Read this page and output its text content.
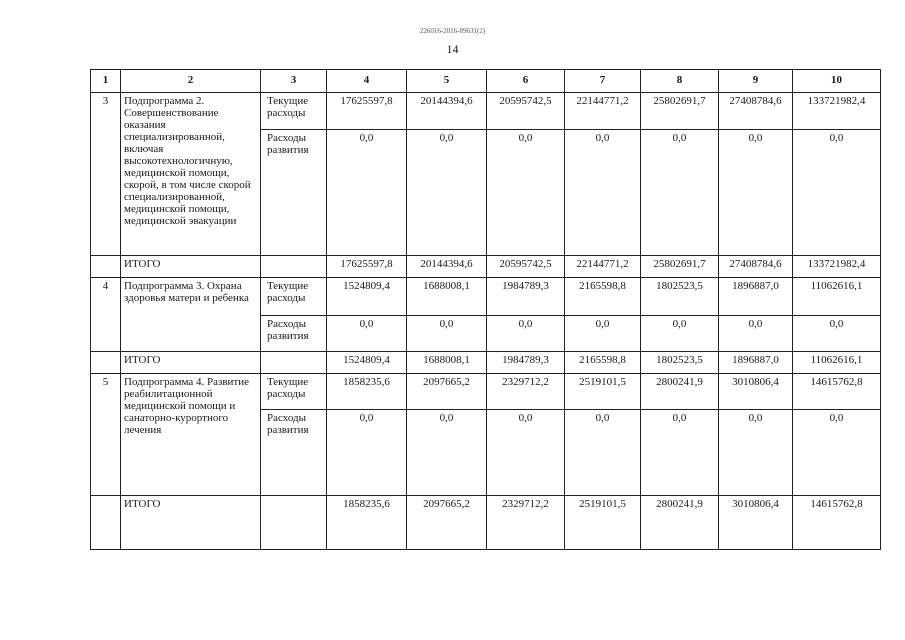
226016-2016-89631(2)
14
1	2	3	4	5	6	7	8	9	10
3	Подпрограмма 2. Совершенствование оказания специализированной, включая высокотехнологичную, медицинской помощи, скорой, в том числе скорой специализированной, медицинской помощи, медицинской эвакуации	Текущие расходы	17625597,8	20144394,6	20595742,5	22144771,2	25802691,7	27408784,6	133721982,4
		Расходы развития	0,0	0,0	0,0	0,0	0,0	0,0	0,0
	ИТОГО		17625597,8	20144394,6	20595742,5	22144771,2	25802691,7	27408784,6	133721982,4
4	Подпрограмма 3. Охрана здоровья матери и ребенка	Текущие расходы	1524809,4	1688008,1	1984789,3	2165598,8	1802523,5	1896887,0	11062616,1
		Расходы развития	0,0	0,0	0,0	0,0	0,0	0,0	0,0
	ИТОГО		1524809,4	1688008,1	1984789,3	2165598,8	1802523,5	1896887,0	11062616,1
5	Подпрограмма 4. Развитие реабилитационной медицинской помощи и санаторно-курортного лечения	Текущие расходы	1858235,6	2097665,2	2329712,2	2519101,5	2800241,9	3010806,4	14615762,8
		Расходы развития	0,0	0,0	0,0	0,0	0,0	0,0	0,0
	ИТОГО		1858235,6	2097665,2	2329712,2	2519101,5	2800241,9	3010806,4	14615762,8
